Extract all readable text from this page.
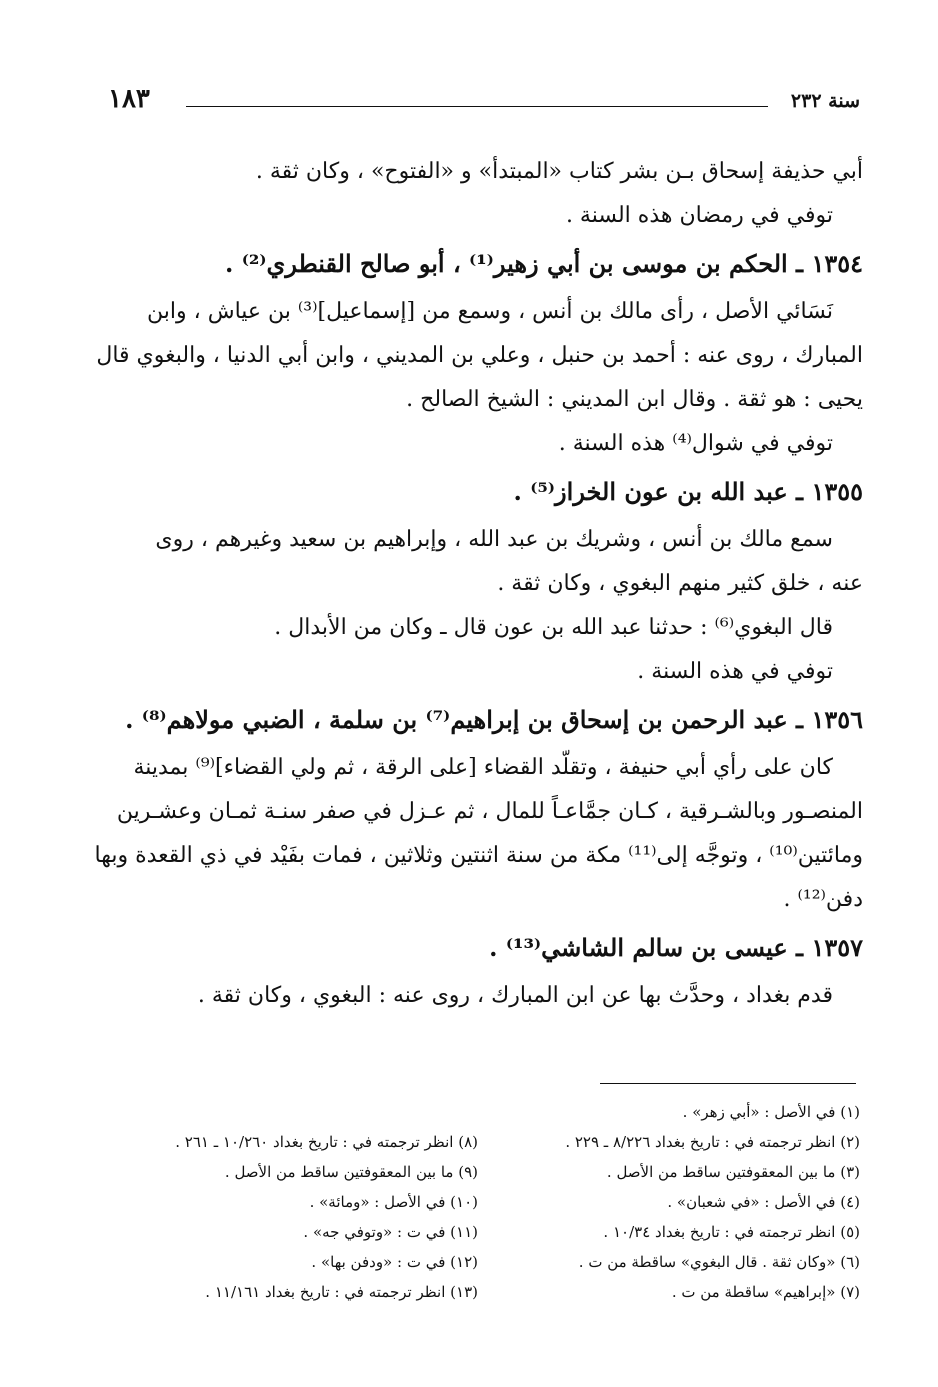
سنة ٢٣٢
١٨٣
أبي حذيفة إسحاق بـن بشر كتاب «المبتدأ» و «الفتوح» ، وكان ثقة .
توفي في رمضان هذه السنة .
١٣٥٤ ـ الحكم بن موسى بن أبي زهير⁽¹⁾ ، أبو صالح القنطري⁽²⁾ .
نَسَائي الأصل ، رأى مالك بن أنس ، وسمع من [إسماعيل]⁽³⁾ بن عياش ، وابن
المبارك ، روى عنه : أحمد بن حنبل ، وعلي بن المديني ، وابن أبي الدنيا ، والبغوي قال
يحيى : هو ثقة . وقال ابن المديني : الشيخ الصالح .
توفي في شوال⁽⁴⁾ هذه السنة .
١٣٥٥ ـ عبد الله بن عون الخراز⁽⁵⁾ .
سمع مالك بن أنس ، وشريك بن عبد الله ، وإبراهيم بن سعيد وغيرهم ، روى
عنه ، خلق كثير منهم البغوي ، وكان ثقة .
قال البغوي⁽⁶⁾ : حدثنا عبد الله بن عون قال ـ وكان من الأبدال .
توفي في هذه السنة .
١٣٥٦ ـ عبد الرحمن بن إسحاق بن إبراهيم⁽⁷⁾ بن سلمة ، الضبي مولاهم⁽⁸⁾ .
كان على رأي أبي حنيفة ، وتقلّد القضاء [على الرقة ، ثم ولي القضاء]⁽⁹⁾ بمدينة
المنصـور وبالشـرقية ، كـان جمَّاعـاً للمال ، ثم عـزل في صفر سنـة ثمـان وعشـرين
ومائتين⁽¹⁰⁾ ، وتوجَّه إلى⁽¹¹⁾ مكة من سنة اثنتين وثلاثين ، فمات بفَيْد في ذي القعدة وبها
دفن⁽¹²⁾ .
١٣٥٧ ـ عيسى بن سالم الشاشي⁽¹³⁾ .
قدم بغداد ، وحدَّث بها عن ابن المبارك ، روى عنه : البغوي ، وكان ثقة .
(١) في الأصل : «أبي زهر» .
(٢) انظر ترجمته في : تاريخ بغداد ٨/٢٢٦ ـ ٢٢٩ .
(٣) ما بين المعقوفتين ساقط من الأصل .
(٤) في الأصل : «في شعبان» .
(٥) انظر ترجمته في : تاريخ بغداد ١٠/٣٤ .
(٦) «وكان ثقة . قال البغوي» ساقطة من ت .
(٧) «إبراهيم» ساقطة من ت .
(٨) انظر ترجمته في : تاريخ بغداد ١٠/٢٦٠ ـ ٢٦١ .
(٩) ما بين المعقوفتين ساقط من الأصل .
(١٠) في الأصل : «ومائة» .
(١١) في ت : «وتوفي جه» .
(١٢) في ت : «ودفن بها» .
(١٣) انظر ترجمته في : تاريخ بغداد ١١/١٦١ .
